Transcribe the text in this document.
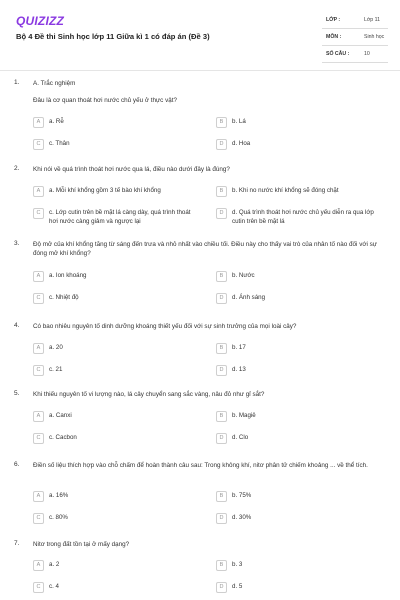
QUIZIZZ
Bộ 4 Đề thi Sinh học lớp 11 Giữa kì 1 có đáp án (Đề 3)
LỚP :	Lớp 11
MÔN :	Sinh học
SỐ CÂU :	10
1. A. Trắc nghiệm
Đâu là cơ quan thoát hơi nước chủ yếu ở thực vật?
A	a. Rễ	B	b. Lá
C	c. Thân	D	d. Hoa
2. Khi nói về quá trình thoát hơi nước qua lá, điều nào dưới đây là đúng?
A	a. Mỗi khí khổng gồm 3 tế bào khí khổng	B	b. Khi no nước khí khổng sẽ đóng chặt
C	c. Lớp cutin trên bề mặt lá càng dày, quá trình thoát hơi nước càng giảm và ngược lại
D	d. Quá trình thoát hơi nước chủ yếu diễn ra qua lớp cutin trên bề mặt lá
3. Độ mở của khí khổng tăng từ sáng đến trưa và nhỏ nhất vào chiều tối. Điều này cho thấy vai trò của nhân tố nào đối với sự đóng mở khí khổng?
A	a. Ion khoáng	B	b. Nước
C	c. Nhiệt độ	D	d. Ánh sáng
4. Có bao nhiêu nguyên tố dinh dưỡng khoáng thiết yếu đối với sự sinh trưởng của mọi loài cây?
A	a. 20	B	b. 17
C	c. 21	D	d. 13
5. Khi thiếu nguyên tố vi lượng nào, lá cây chuyển sang sắc vàng, nâu đỏ như gỉ sắt?
A	a. Canxi	B	b. Magiê
C	c. Cacbon	D	d. Clo
6. Điền số liệu thích hợp vào chỗ chấm để hoàn thành câu sau: Trong không khí, nitơ phân tử chiếm khoảng ... về thể tích.
A	a. 16%	B	b. 75%
C	c. 80%	D	d. 30%
7. Nitơ trong đất tồn tại ở mấy dạng?
A	a. 2	B	b. 3
C	c. 4	D	d. 5
